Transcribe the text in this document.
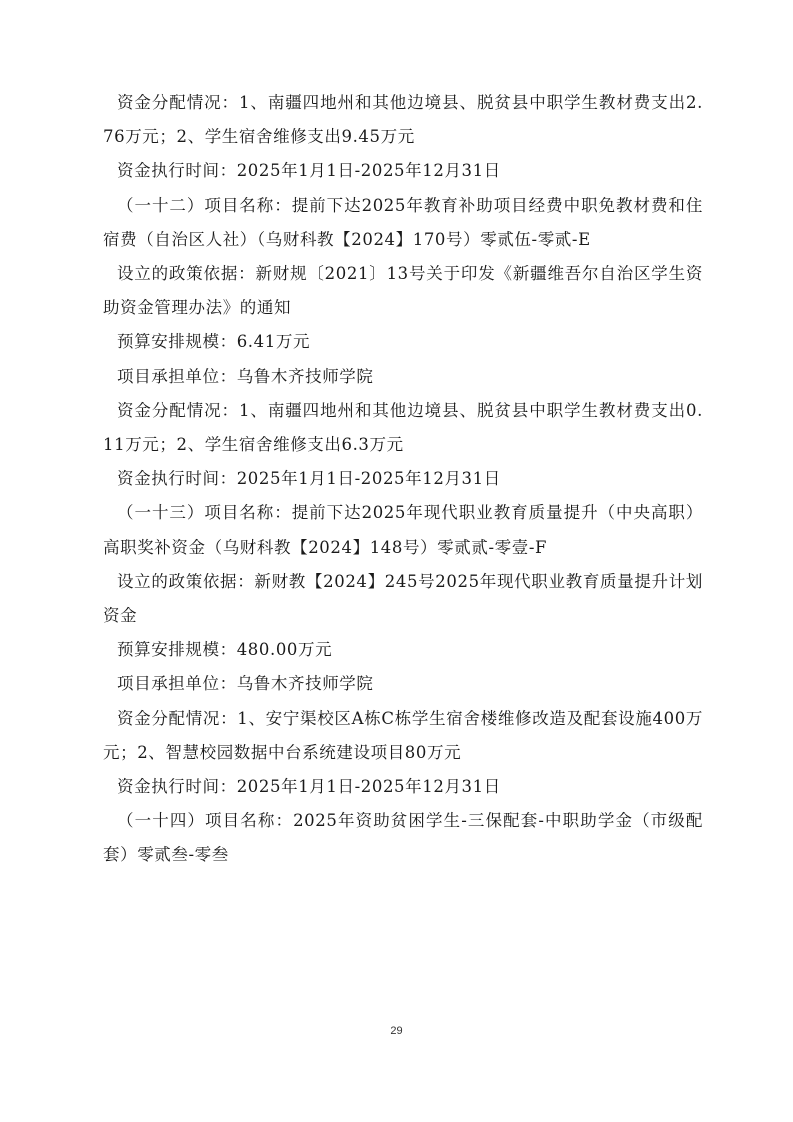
资金分配情况：1、南疆四地州和其他边境县、脱贫县中职学生教材费支出2.76万元；2、学生宿舍维修支出9.45万元

资金执行时间：2025年1月1日-2025年12月31日

（一十二）项目名称：提前下达2025年教育补助项目经费中职免教材费和住宿费（自治区人社）（乌财科教【2024】170号）零贰伍-零贰-E

设立的政策依据：新财规〔2021〕13号关于印发《新疆维吾尔自治区学生资助资金管理办法》的通知

预算安排规模：6.41万元

项目承担单位：乌鲁木齐技师学院

资金分配情况：1、南疆四地州和其他边境县、脱贫县中职学生教材费支出0.11万元；2、学生宿舍维修支出6.3万元

资金执行时间：2025年1月1日-2025年12月31日

（一十三）项目名称：提前下达2025年现代职业教育质量提升（中央高职）高职奖补资金（乌财科教【2024】148号）零贰贰-零壹-F

设立的政策依据：新财教【2024】245号2025年现代职业教育质量提升计划资金

预算安排规模：480.00万元

项目承担单位：乌鲁木齐技师学院

资金分配情况：1、安宁渠校区A栋C栋学生宿舍楼维修改造及配套设施400万元；2、智慧校园数据中台系统建设项目80万元

资金执行时间：2025年1月1日-2025年12月31日

（一十四）项目名称：2025年资助贫困学生-三保配套-中职助学金（市级配套）零贰叁-零叁

29
